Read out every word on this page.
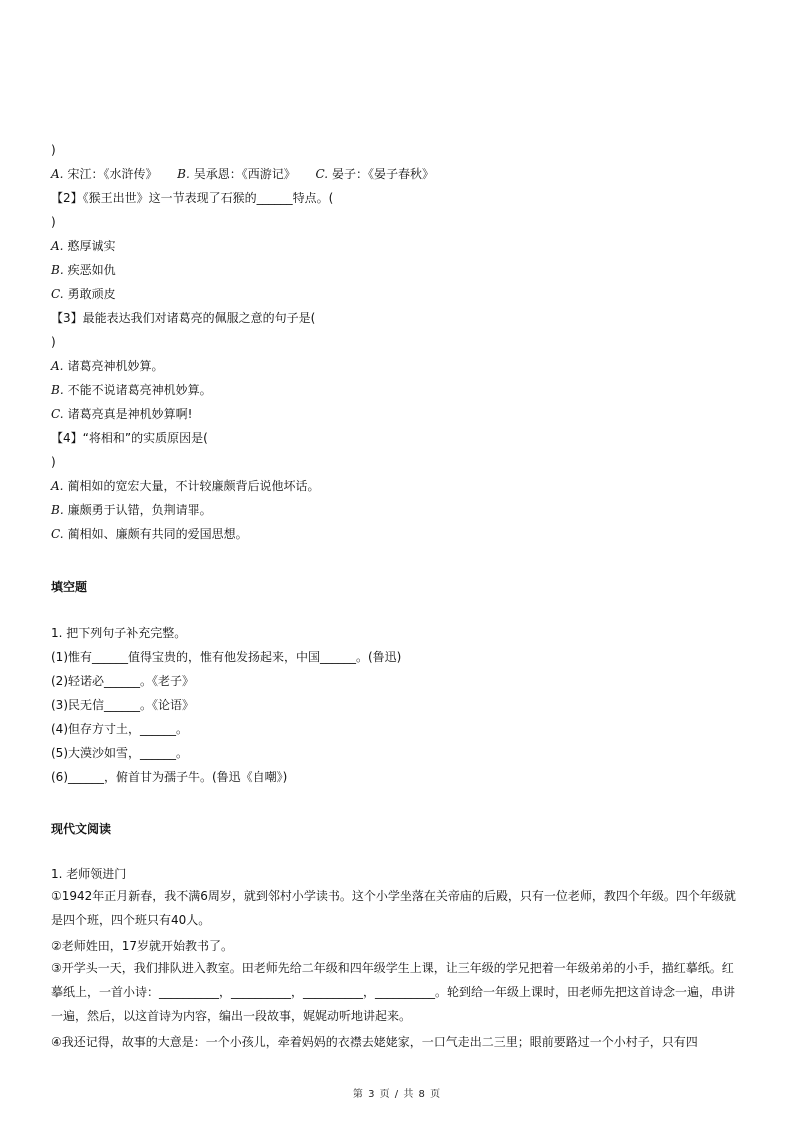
)
A. 宋江：《水浒传》 B. 吴承恩：《西游记》 C. 晏子：《晏子春秋》
【2】《猴王出世》这一节表现了石猴的______特点。(
)
A. 憨厚诚实
B. 疾恶如仇
C. 勇敢顽皮
【3】最能表达我们对诸葛亮的佩服之意的句子是(
)
A. 诸葛亮神机妙算。
B. 不能不说诸葛亮神机妙算。
C. 诸葛亮真是神机妙算啊!
【4】“将相和”的实质原因是(
)
A. 蔺相如的宽宏大量，不计较廉颇背后说他坏话。
B. 廉颇勇于认错，负荆请罪。
C. 蔺相如、廉颇有共同的爱国思想。
填空题
1. 把下列句子补充完整。
(1)惟有______值得宝贵的，惟有他发扬起来，中国______。(鲁迅)
(2)轻诺必______。《老子》
(3)民无信______。《论语》
(4)但存方寸土，______。
(5)大漠沙如雪，______。
(6)______，俯首甘为孺子牛。(鲁迅《自嘲》)
现代文阅读
1. 老师领进门
①1942年正月新春，我不满6周岁，就到邻村小学读书。这个小学坐落在关帝庙的后殿，只有一位老师，教四个年级。四个年级就是四个班，四个班只有40人。
②老师姓田，17岁就开始教书了。
③开学头一天，我们排队进入教室。田老师先给二年级和四年级学生上课，让三年级的学兄把着一年级弟弟的小手，描红摹纸。红摹纸上，一首小诗：__________，__________，__________，__________。轮到给一年级上课时，田老师先把这首诗念一遍，串讲一遍，然后，以这首诗为内容，编出一段故事，娓娓动听地讲起来。
④我还记得，故事的大意是：一个小孩儿，牵着妈妈的衣襟去姥姥家，一口气走出二三里；眼前要路过一个小村子，只有四
第 3 页 / 共 8 页
